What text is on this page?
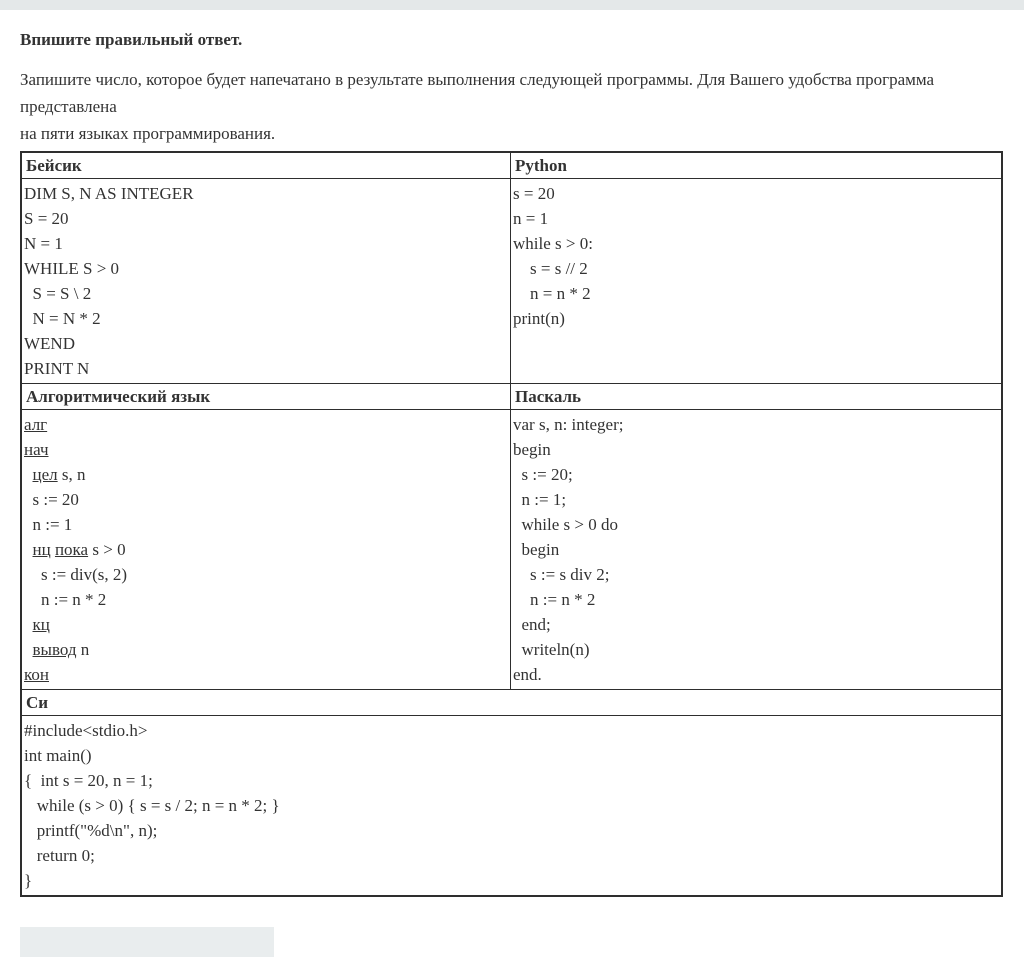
Впишите правильный ответ.
Запишите число, которое будет напечатано в результате выполнения следующей программы. Для Вашего удобства программа
представлена
на пяти языках программирования.
Бейсик	Python

DIM S, N AS INTEGER
S = 20
N = 1
WHILE S > 0
S = S \ 2
N = N * 2
WEND
PRINT N

s = 20
n = 1
while s > 0:
s = s // 2
n = n * 2
print(n)

Алгоритмический язык	Паскаль

алг
нач
цел s, n
s := 20
n := 1
нц пока s > 0
s := div(s, 2)
n := n * 2
кц
вывод n
кон

var s, n: integer;
begin
s := 20;
n := 1;
while s > 0 do
begin
s := s div 2;
n := n * 2
end;
writeln(n)
end.

Си	

#include<stdio.h>
int main()
{  int s = 20, n = 1;
while (s > 0) { s = s / 2; n = n * 2; }
printf("%d\n", n);
return 0;
}
